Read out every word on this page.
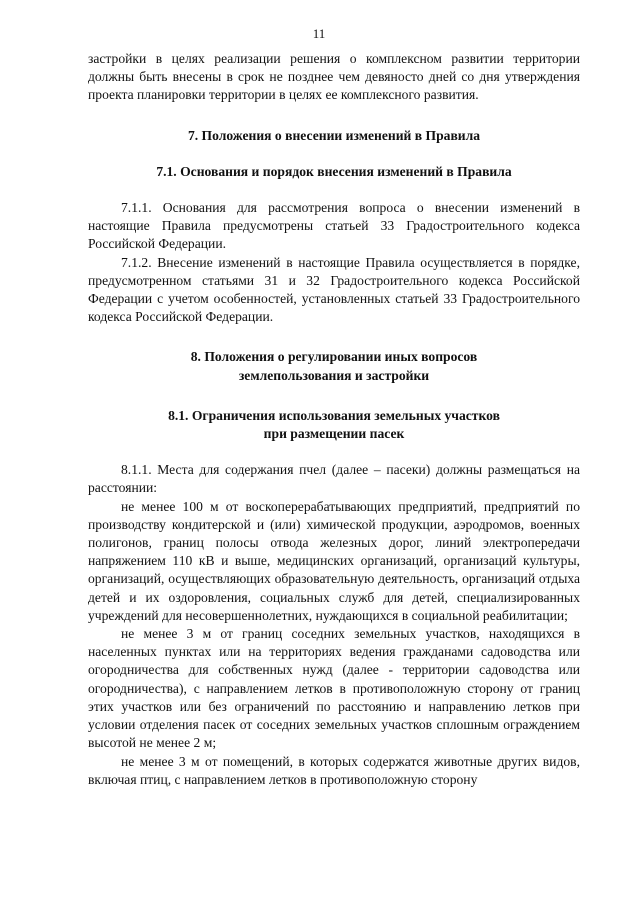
11

застройки в целях реализации решения о комплексном развитии территории должны быть внесены в срок не позднее чем девяносто дней со дня утверждения проекта планировки территории в целях ее комплексного развития.

7. Положения о внесении изменений в Правила
7.1. Основания и порядок внесения изменений в Правила

7.1.1. Основания для рассмотрения вопроса о внесении изменений в настоящие Правила предусмотрены статьей 33 Градостроительного кодекса Российской Федерации.

7.1.2. Внесение изменений в настоящие Правила осуществляется в порядке, предусмотренном статьями 31 и 32 Градостроительного кодекса Российской Федерации с учетом особенностей, установленных статьей 33 Градостроительного кодекса Российской Федерации.

8. Положения о регулировании иных вопросов
землепользования и застройки
8.1. Ограничения использования земельных участков
при размещении пасек

8.1.1. Места для содержания пчел (далее – пасеки) должны размещаться на расстоянии:

не менее 100 м от воскоперерабатывающих предприятий, предприятий по производству кондитерской и (или) химической продукции, аэродромов, военных полигонов, границ полосы отвода железных дорог, линий электропередачи напряжением 110 кВ и выше, медицинских организаций, организаций культуры, организаций, осуществляющих образовательную деятельность, организаций отдыха детей и их оздоровления, социальных служб для детей, специализированных учреждений для несовершеннолетних, нуждающихся в социальной реабилитации;

не менее 3 м от границ соседних земельных участков, находящихся в населенных пунктах или на территориях ведения гражданами садоводства или огородничества для собственных нужд (далее - территории садоводства или огородничества), с направлением летков в противоположную сторону от границ этих участков или без ограничений по расстоянию и направлению летков при условии отделения пасек от соседних земельных участков сплошным ограждением высотой не менее 2 м;

не менее 3 м от помещений, в которых содержатся животные других видов, включая птиц, с направлением летков в противоположную сторону
